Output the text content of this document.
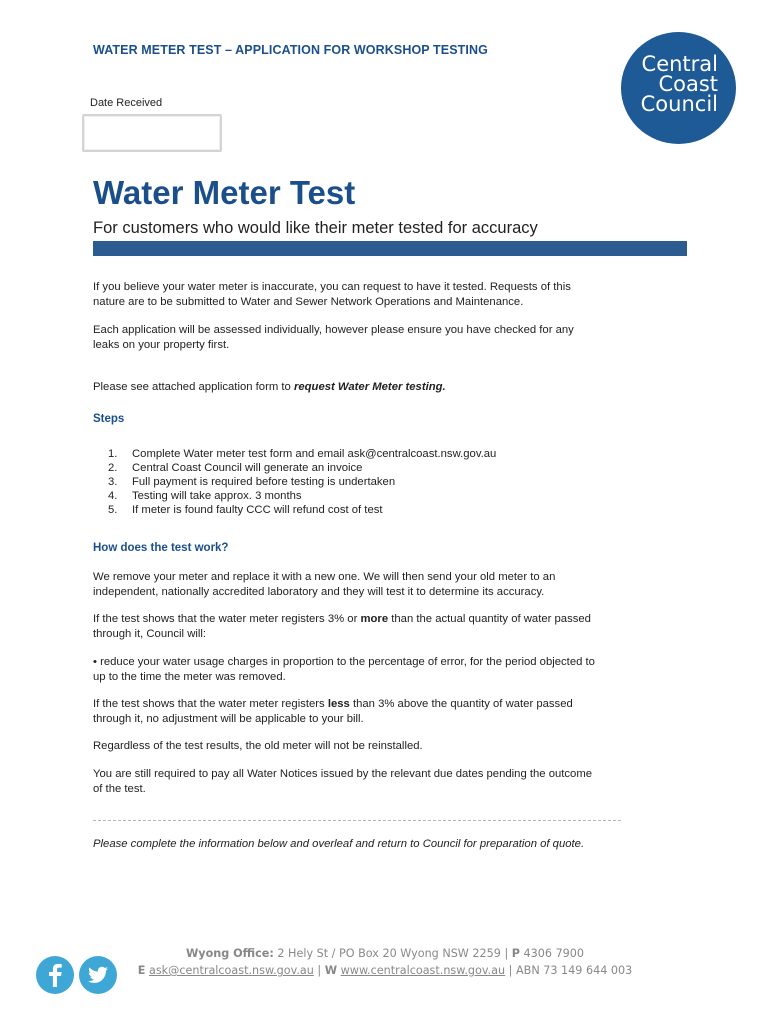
WATER METER TEST – APPLICATION FOR WORKSHOP TESTING
Central
Coast
Council
Date Received
Water Meter Test
For customers who would like their meter tested for accuracy
If you believe your water meter is inaccurate, you can request to have it tested. Requests of this
nature are to be submitted to Water and Sewer Network Operations and Maintenance.
Each application will be assessed individually, however please ensure you have checked for any
leaks on your property first.
Please see attached application form to request Water Meter testing.
Steps
1.	Complete Water meter test form and email ask@centralcoast.nsw.gov.au
2.	Central Coast Council will generate an invoice
3.	Full payment is required before testing is undertaken
4.	Testing will take approx. 3 months
5.	If meter is found faulty CCC will refund cost of test
How does the test work?
We remove your meter and replace it with a new one. We will then send your old meter to an
independent, nationally accredited laboratory and they will test it to determine its accuracy.
If the test shows that the water meter registers 3% or more than the actual quantity of water passed
through it, Council will:
• reduce your water usage charges in proportion to the percentage of error, for the period objected to
up to the time the meter was removed.
If the test shows that the water meter registers less than 3% above the quantity of water passed
through it, no adjustment will be applicable to your bill.
Regardless of the test results, the old meter will not be reinstalled.
You are still required to pay all Water Notices issued by the relevant due dates pending the outcome
of the test.
Please complete the information below and overleaf and return to Council for preparation of quote.
Wyong Office: 2 Hely St / PO Box 20 Wyong NSW 2259 | P 4306 7900
E ask@centralcoast.nsw.gov.au | W www.centralcoast.nsw.gov.au | ABN 73 149 644 003
